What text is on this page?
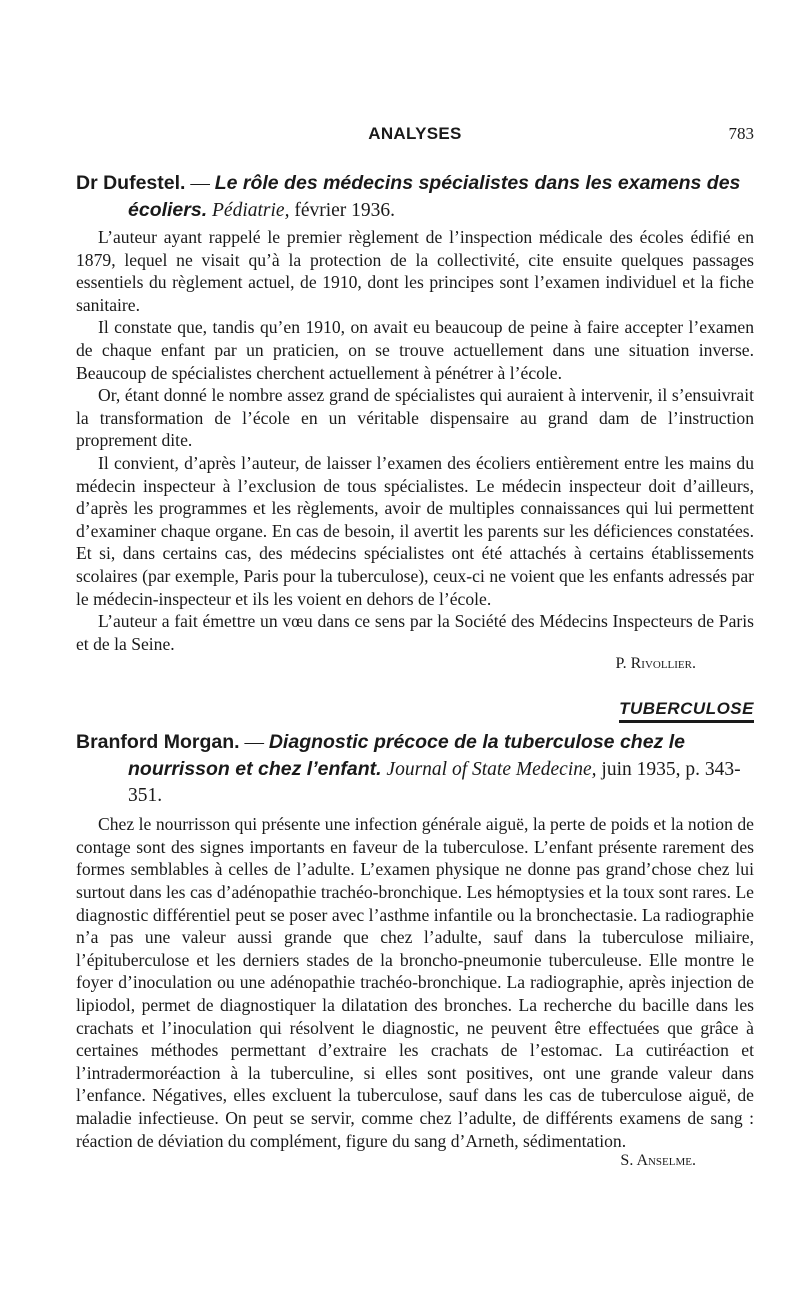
ANALYSES	783
Dr Dufestel. — Le rôle des médecins spécialistes dans les examens des écoliers. Pédiatrie, février 1936.

L’auteur ayant rappelé le premier règlement de l’inspection médicale des écoles édifié en 1879, lequel ne visait qu’à la protection de la collectivité, cite ensuite quelques passages essentiels du règlement actuel, de 1910, dont les principes sont l’examen individuel et la fiche sanitaire.

Il constate que, tandis qu’en 1910, on avait eu beaucoup de peine à faire accepter l’examen de chaque enfant par un praticien, on se trouve actuellement dans une situation inverse. Beaucoup de spécialistes cherchent actuellement à pénétrer à l’école.

Or, étant donné le nombre assez grand de spécialistes qui auraient à intervenir, il s’ensuivrait la transformation de l’école en un véritable dispensaire au grand dam de l’instruction proprement dite.

Il convient, d’après l’auteur, de laisser l’examen des écoliers entièrement entre les mains du médecin inspecteur à l’exclusion de tous spécialistes. Le médecin inspecteur doit d’ailleurs, d’après les programmes et les règlements, avoir de multiples connaissances qui lui permettent d’examiner chaque organe. En cas de besoin, il avertit les parents sur les déficiences constatées. Et si, dans certains cas, des médecins spécialistes ont été attachés à certains établissements scolaires (par exemple, Paris pour la tuberculose), ceux-ci ne voient que les enfants adressés par le médecin-inspecteur et ils les voient en dehors de l’école.

L’auteur a fait émettre un vœu dans ce sens par la Société des Médecins Inspecteurs de Paris et de la Seine.

P. Rivollier.
TUBERCULOSE
Branford Morgan. — Diagnostic précoce de la tuberculose chez le nourrisson et chez l’enfant. Journal of State Medecine, juin 1935, p. 343-351.

Chez le nourrisson qui présente une infection générale aiguë, la perte de poids et la notion de contage sont des signes importants en faveur de la tuberculose. L’enfant présente rarement des formes semblables à celles de l’adulte. L’examen physique ne donne pas grand’chose chez lui surtout dans les cas d’adénopathie trachéo-bronchique. Les hémoptysies et la toux sont rares. Le diagnostic différentiel peut se poser avec l’asthme infantile ou la bronchectasie. La radiographie n’a pas une valeur aussi grande que chez l’adulte, sauf dans la tuberculose miliaire, l’épituberculose et les derniers stades de la broncho-pneumonie tuberculeuse. Elle montre le foyer d’inoculation ou une adénopathie trachéo-bronchique. La radiographie, après injection de lipiodol, permet de diagnostiquer la dilatation des bronches. La recherche du bacille dans les crachats et l’inoculation qui résolvent le diagnostic, ne peuvent être effectuées que grâce à certaines méthodes permettant d’extraire les crachats de l’estomac. La cutiréaction et l’intradermoréaction à la tuberculine, si elles sont positives, ont une grande valeur dans l’enfance. Négatives, elles excluent la tuberculose, sauf dans les cas de tuberculose aiguë, de maladie infectieuse. On peut se servir, comme chez l’adulte, de différents examens de sang : réaction de déviation du complément, figure du sang d’Arneth, sédimentation.

S. Anselme.
